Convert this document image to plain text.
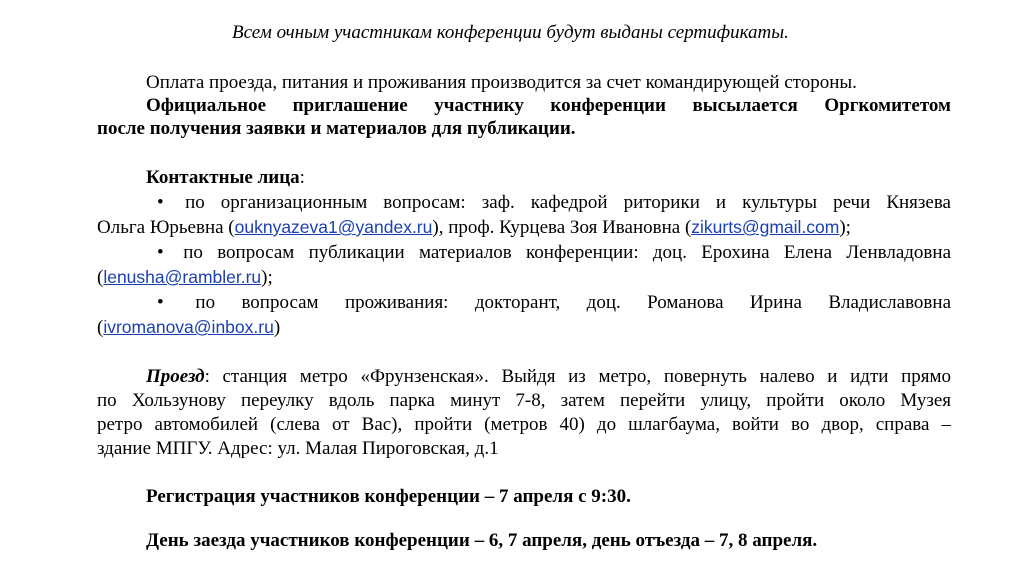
Всем очным участникам конференции будут выданы сертификаты.
Оплата проезда, питания и проживания производится за счет командирующей стороны.
Официальное приглашение участнику конференции высылается Оргкомитетом
после получения заявки и материалов для публикации.
Контактные лица:
• по организационным вопросам: заф. кафедрой риторики и культуры речи Князева
Ольга Юрьевна (ouknyazeva1@yandex.ru), проф. Курцева Зоя Ивановна (zikurts@gmail.com);
• по вопросам публикации материалов конференции: доц. Ерохина Елена Ленвладовна
(lenusha@rambler.ru);
• по вопросам проживания: докторант, доц. Романова Ирина Владиславовна
(ivromanova@inbox.ru)
Проезд: станция метро «Фрунзенская». Выйдя из метро, повернуть налево и идти прямо
по Хользунову переулку вдоль парка минут 7-8, затем перейти улицу, пройти около Музея
ретро автомобилей (слева от Вас), пройти (метров 40) до шлагбаума, войти во двор, справа –
здание МПГУ. Адрес: ул. Малая Пироговская, д.1
Регистрация участников конференции – 7 апреля с 9:30.
День заезда участников конференции – 6, 7 апреля, день отъезда – 7, 8 апреля.
